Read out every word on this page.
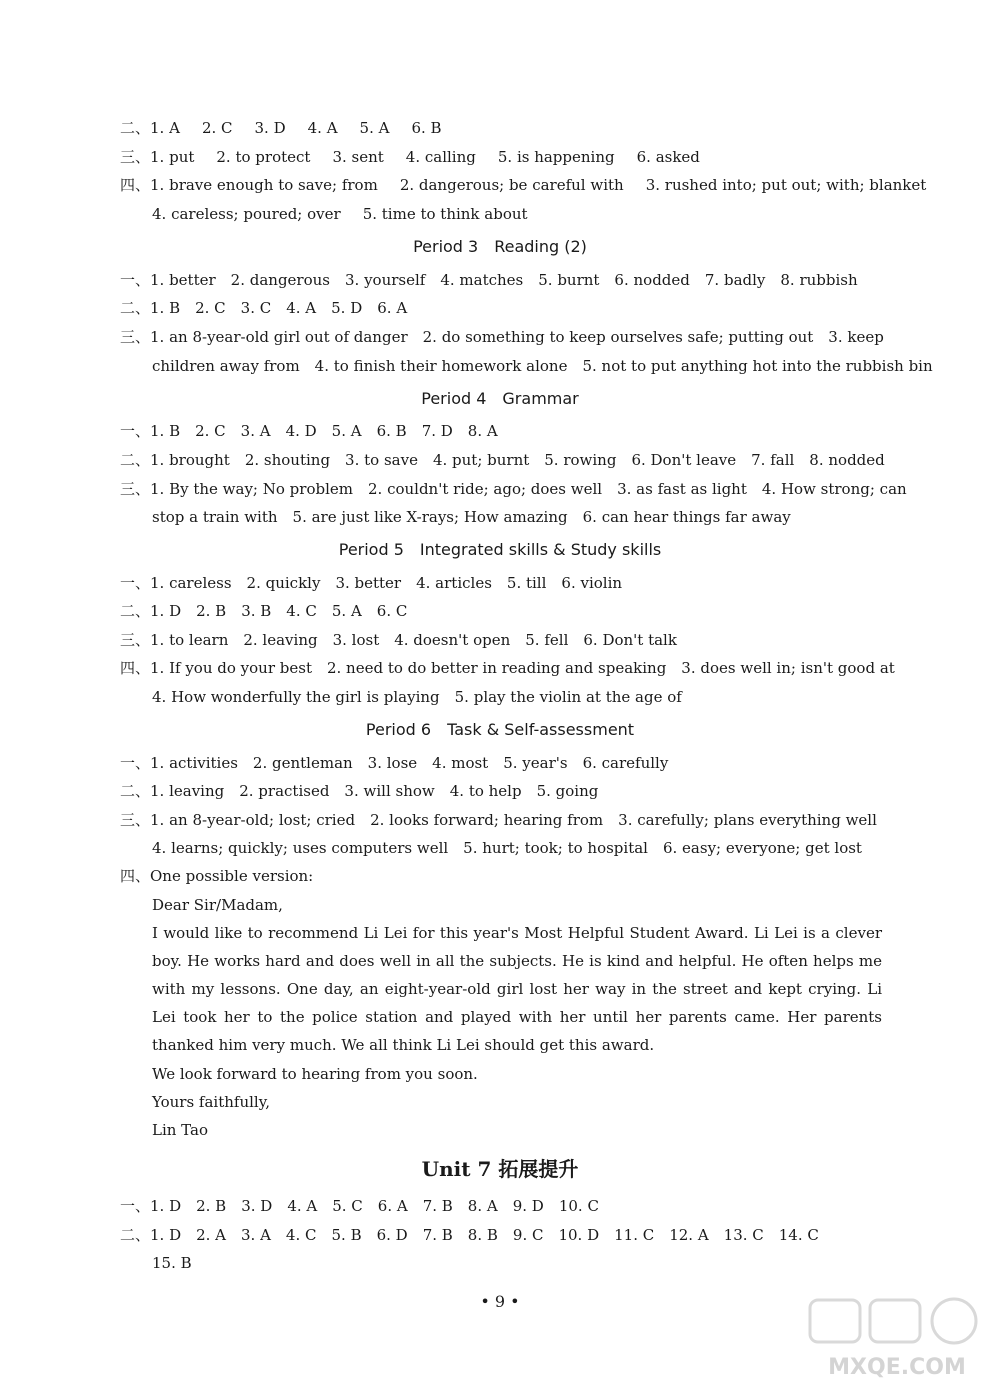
二、1. A 2. C 3. D 4. A 5. A 6. B
三、1. put 2. to protect 3. sent 4. calling 5. is happening 6. asked
四、1. brave enough to save; from 2. dangerous; be careful with 3. rushed into; put out; with; blanket
4. careless; poured; over 5. time to think about
Period 3　Reading (2)
一、1. better　2. dangerous　3. yourself　4. matches　5. burnt　6. nodded　7. badly　8. rubbish
二、1. B　2. C　3. C　4. A　5. D　6. A
三、1. an 8-year-old girl out of danger　2. do something to keep ourselves safe; putting out　3. keep
children away from　4. to finish their homework alone　5. not to put anything hot into the rubbish bin
Period 4　Grammar
一、1. B　2. C　3. A　4. D　5. A　6. B　7. D　8. A
二、1. brought　2. shouting　3. to save　4. put; burnt　5. rowing　6. Don't leave　7. fall　8. nodded
三、1. By the way; No problem　2. couldn't ride; ago; does well　3. as fast as light　4. How strong; can
stop a train with　5. are just like X-rays; How amazing　6. can hear things far away
Period 5　Integrated skills & Study skills
一、1. careless　2. quickly　3. better　4. articles　5. till　6. violin
二、1. D　2. B　3. B　4. C　5. A　6. C
三、1. to learn　2. leaving　3. lost　4. doesn't open　5. fell　6. Don't talk
四、1. If you do your best　2. need to do better in reading and speaking　3. does well in; isn't good at
4. How wonderfully the girl is playing　5. play the violin at the age of
Period 6　Task & Self-assessment
一、1. activities　2. gentleman　3. lose　4. most　5. year's　6. carefully
二、1. leaving　2. practised　3. will show　4. to help　5. going
三、1. an 8-year-old; lost; cried　2. looks forward; hearing from　3. carefully; plans everything well
4. learns; quickly; uses computers well　5. hurt; took; to hospital　6. easy; everyone; get lost
四、One possible version:
Dear Sir/Madam,
I would like to recommend Li Lei for this year's Most Helpful Student Award. Li Lei is a clever boy. He works hard and does well in all the subjects. He is kind and helpful. He often helps me with my lessons. One day, an eight-year-old girl lost her way in the street and kept crying. Li Lei took her to the police station and played with her until her parents came. Her parents thanked him very much. We all think Li Lei should get this award.
We look forward to hearing from you soon.
Yours faithfully,
Lin Tao
Unit 7 拓展提升
一、1. D　2. B　3. D　4. A　5. C　6. A　7. B　8. A　9. D　10. C
二、1. D　2. A　3. A　4. C　5. B　6. D　7. B　8. B　9. C　10. D　11. C　12. A　13. C　14. C
15. B
• 9 •
MXQE.COM
